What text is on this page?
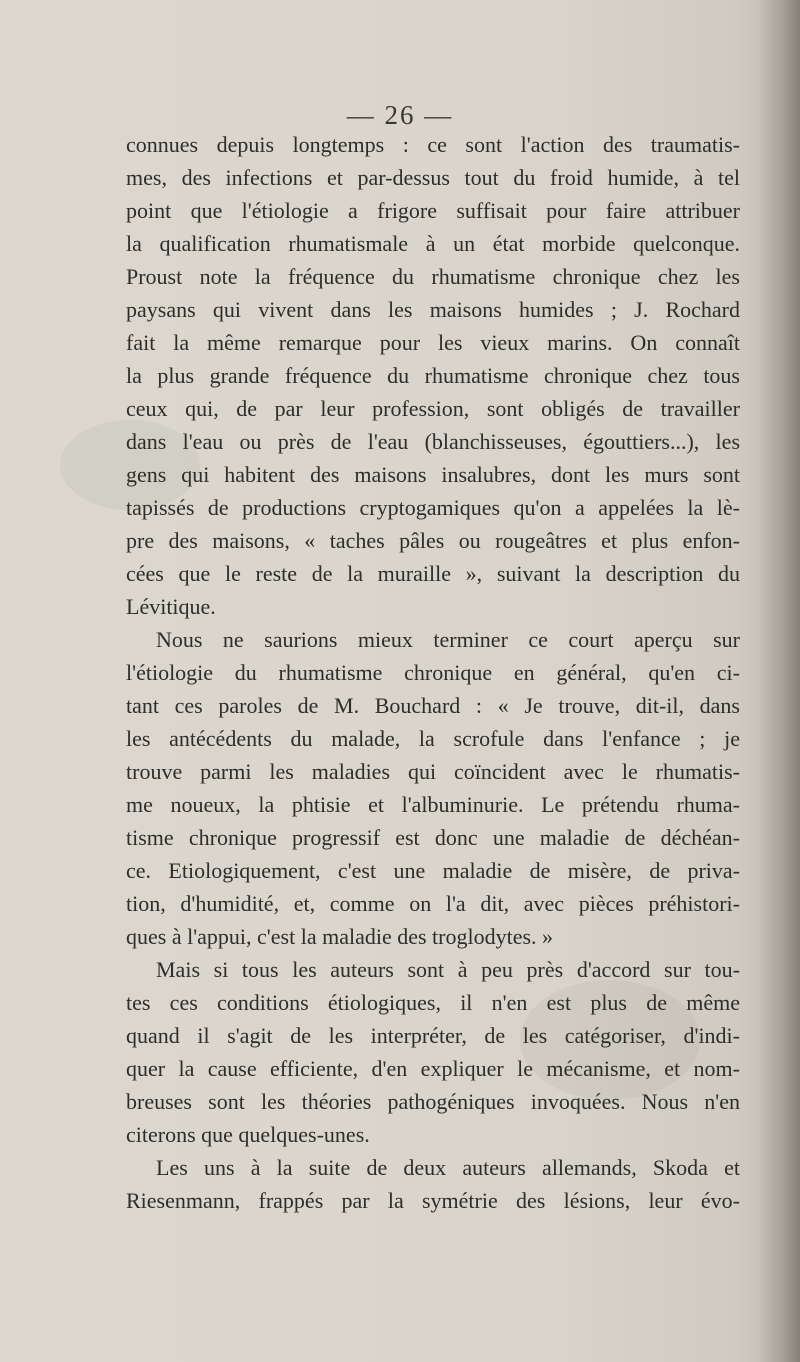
— 26 —
connues depuis longtemps : ce sont l'action des traumatis-
mes, des infections et par-dessus tout du froid humide, à tel
point que l'étiologie a frigore suffisait pour faire attribuer
la qualification rhumatismale à un état morbide quelconque.
Proust note la fréquence du rhumatisme chronique chez les
paysans qui vivent dans les maisons humides ; J. Rochard
fait la même remarque pour les vieux marins. On connaît
la plus grande fréquence du rhumatisme chronique chez tous
ceux qui, de par leur profession, sont obligés de travailler
dans l'eau ou près de l'eau (blanchisseuses, égouttiers...), les
gens qui habitent des maisons insalubres, dont les murs sont
tapissés de productions cryptogamiques qu'on a appelées la lè-
pre des maisons, « taches pâles ou rougeâtres et plus enfon-
cées que le reste de la muraille », suivant la description du
Lévitique.
Nous ne saurions mieux terminer ce court aperçu sur
l'étiologie du rhumatisme chronique en général, qu'en ci-
tant ces paroles de M. Bouchard : « Je trouve, dit-il, dans
les antécédents du malade, la scrofule dans l'enfance ; je
trouve parmi les maladies qui coïncident avec le rhumatis-
me noueux, la phtisie et l'albuminurie. Le prétendu rhuma-
tisme chronique progressif est donc une maladie de déchéan-
ce. Etiologiquement, c'est une maladie de misère, de priva-
tion, d'humidité, et, comme on l'a dit, avec pièces préhistori-
ques à l'appui, c'est la maladie des troglodytes. »
Mais si tous les auteurs sont à peu près d'accord sur tou-
tes ces conditions étiologiques, il n'en est plus de même
quand il s'agit de les interpréter, de les catégoriser, d'indi-
quer la cause efficiente, d'en expliquer le mécanisme, et nom-
breuses sont les théories pathogéniques invoquées. Nous n'en
citerons que quelques-unes.
Les uns à la suite de deux auteurs allemands, Skoda et
Riesenmann, frappés par la symétrie des lésions, leur évo-
